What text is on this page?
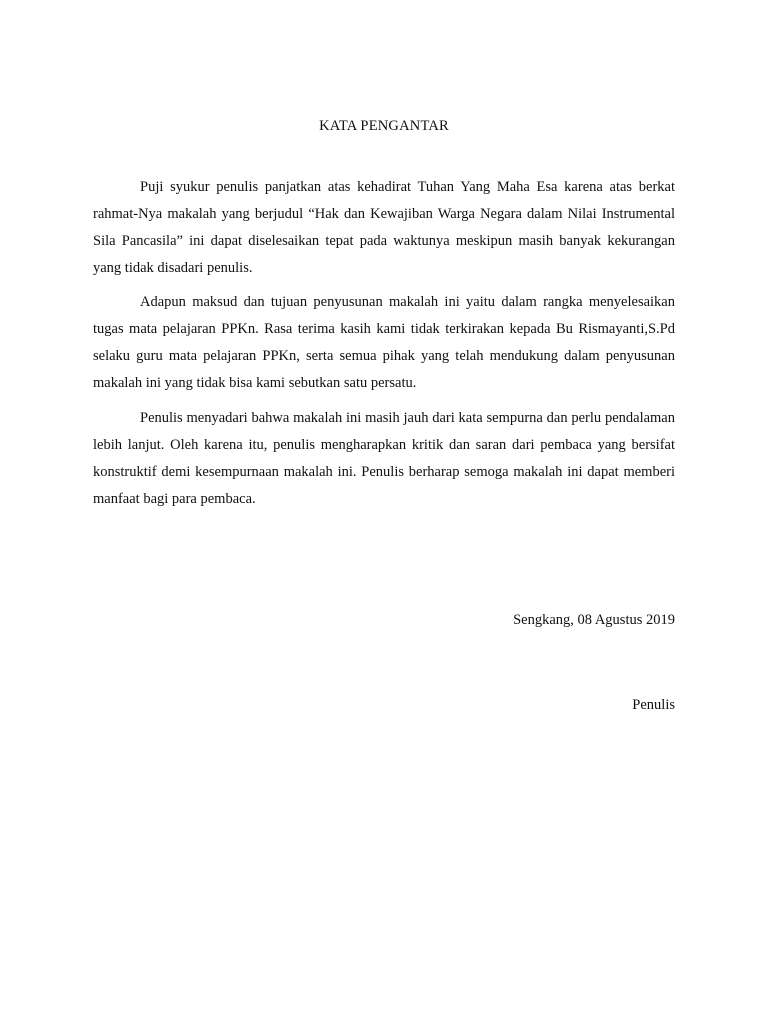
KATA PENGANTAR

Puji syukur penulis panjatkan atas kehadirat Tuhan Yang Maha Esa karena atas berkat rahmat-Nya makalah yang berjudul “Hak dan Kewajiban Warga Negara dalam Nilai Instrumental Sila Pancasila” ini dapat diselesaikan tepat pada waktunya meskipun masih banyak kekurangan yang tidak disadari penulis.

Adapun maksud dan tujuan penyusunan makalah ini yaitu dalam rangka menyelesaikan tugas mata pelajaran PPKn. Rasa terima kasih kami tidak terkirakan kepada Bu Rismayanti,S.Pd selaku guru mata pelajaran PPKn, serta semua pihak yang telah mendukung dalam penyusunan makalah ini yang tidak bisa kami sebutkan satu persatu.

Penulis menyadari bahwa makalah ini masih jauh dari kata sempurna dan perlu pendalaman lebih lanjut. Oleh karena itu, penulis mengharapkan kritik dan saran dari pembaca yang bersifat konstruktif demi kesempurnaan makalah ini. Penulis berharap semoga makalah ini dapat memberi manfaat bagi para pembaca.

Sengkang, 08 Agustus 2019
Penulis
